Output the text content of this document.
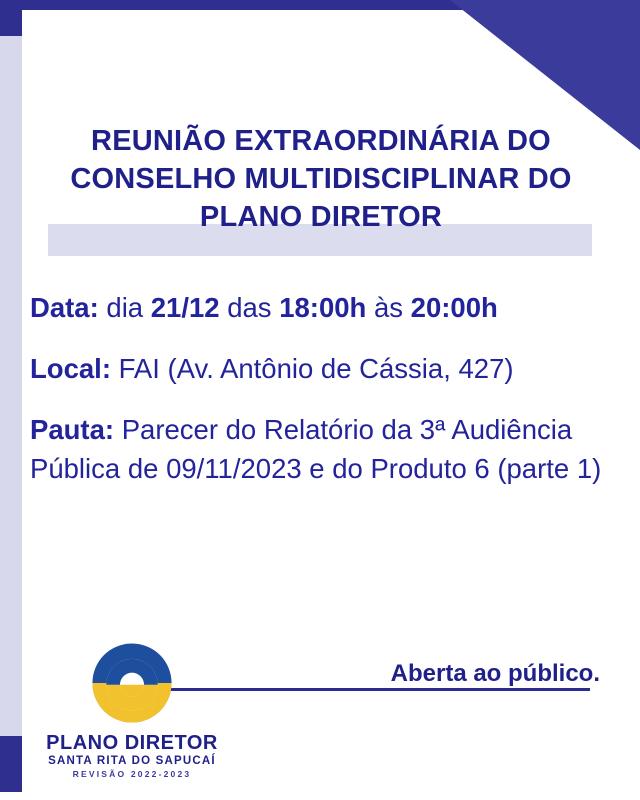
REUNIÃO EXTRAORDINÁRIA DO
CONSELHO MULTIDISCIPLINAR DO
PLANO DIRETOR

Data: dia 21/12 das 18:00h às 20:00h

Local: FAI (Av. Antônio de Cássia, 427)

Pauta: Parecer do Relatório da 3ª Audiência Pública de 09/11/2023 e do Produto 6 (parte 1)

Aberta ao público.
PLANO DIRETOR
SANTA RITA DO SAPUCAÍ
REVISÃO 2022-2023
